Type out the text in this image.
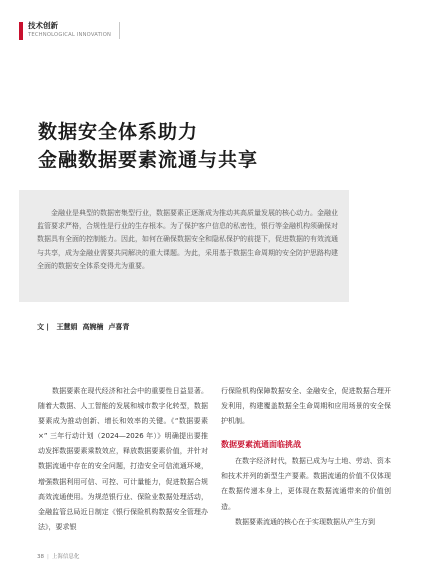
技术创新
TECHNOLOGICAL INNOVATION
数据安全体系助力
金融数据要素流通与共享

金融业是典型的数据密集型行业，数据要素正逐渐成为推动其高质量发展的核心动力。金融业监管要求严格，合规性是行业的生存根本。为了保护客户信息的私密性，银行等金融机构须确保对数据具有全面的控制能力。因此，如何在确保数据安全和隐私保护的前提下，促进数据的有效流通与共享，成为金融业需要共同解决的重大课题。为此，采用基于数据生命周期的安全防护思路构建全面的数据安全体系变得尤为重要。

文 | 王慧娟 高婉楠 卢喜青

数据要素在现代经济和社会中的重要性日益显著。随着大数据、人工智能的发展和城市数字化转型，数据要素成为推动创新、增长和效率的关键。《“数据要素 ×” 三年行动计划（2024—2026 年）》明确提出要推动发挥数据要素乘数效应，释放数据要素价值，并针对数据流通中存在的安全问题，打造安全可信流通环境，增强数据利用可信、可控、可计量能力，促进数据合规高效流通使用。为规范银行业、保险业数据处理活动，金融监管总局近日制定《银行保险机构数据安全管理办法》，要求银

行保险机构保障数据安全、金融安全，促进数据合理开发利用，构建覆盖数据全生命周期和应用场景的安全保护机制。

数据要素流通面临挑战

在数字经济时代，数据已成为与土地、劳动、资本和技术并列的新型生产要素。数据流通的价值不仅体现在数据传递本身上，更体现在数据流通带来的价值创造。

数据要素流通的核心在于实现数据从产生方到

38 | 上海信息化
